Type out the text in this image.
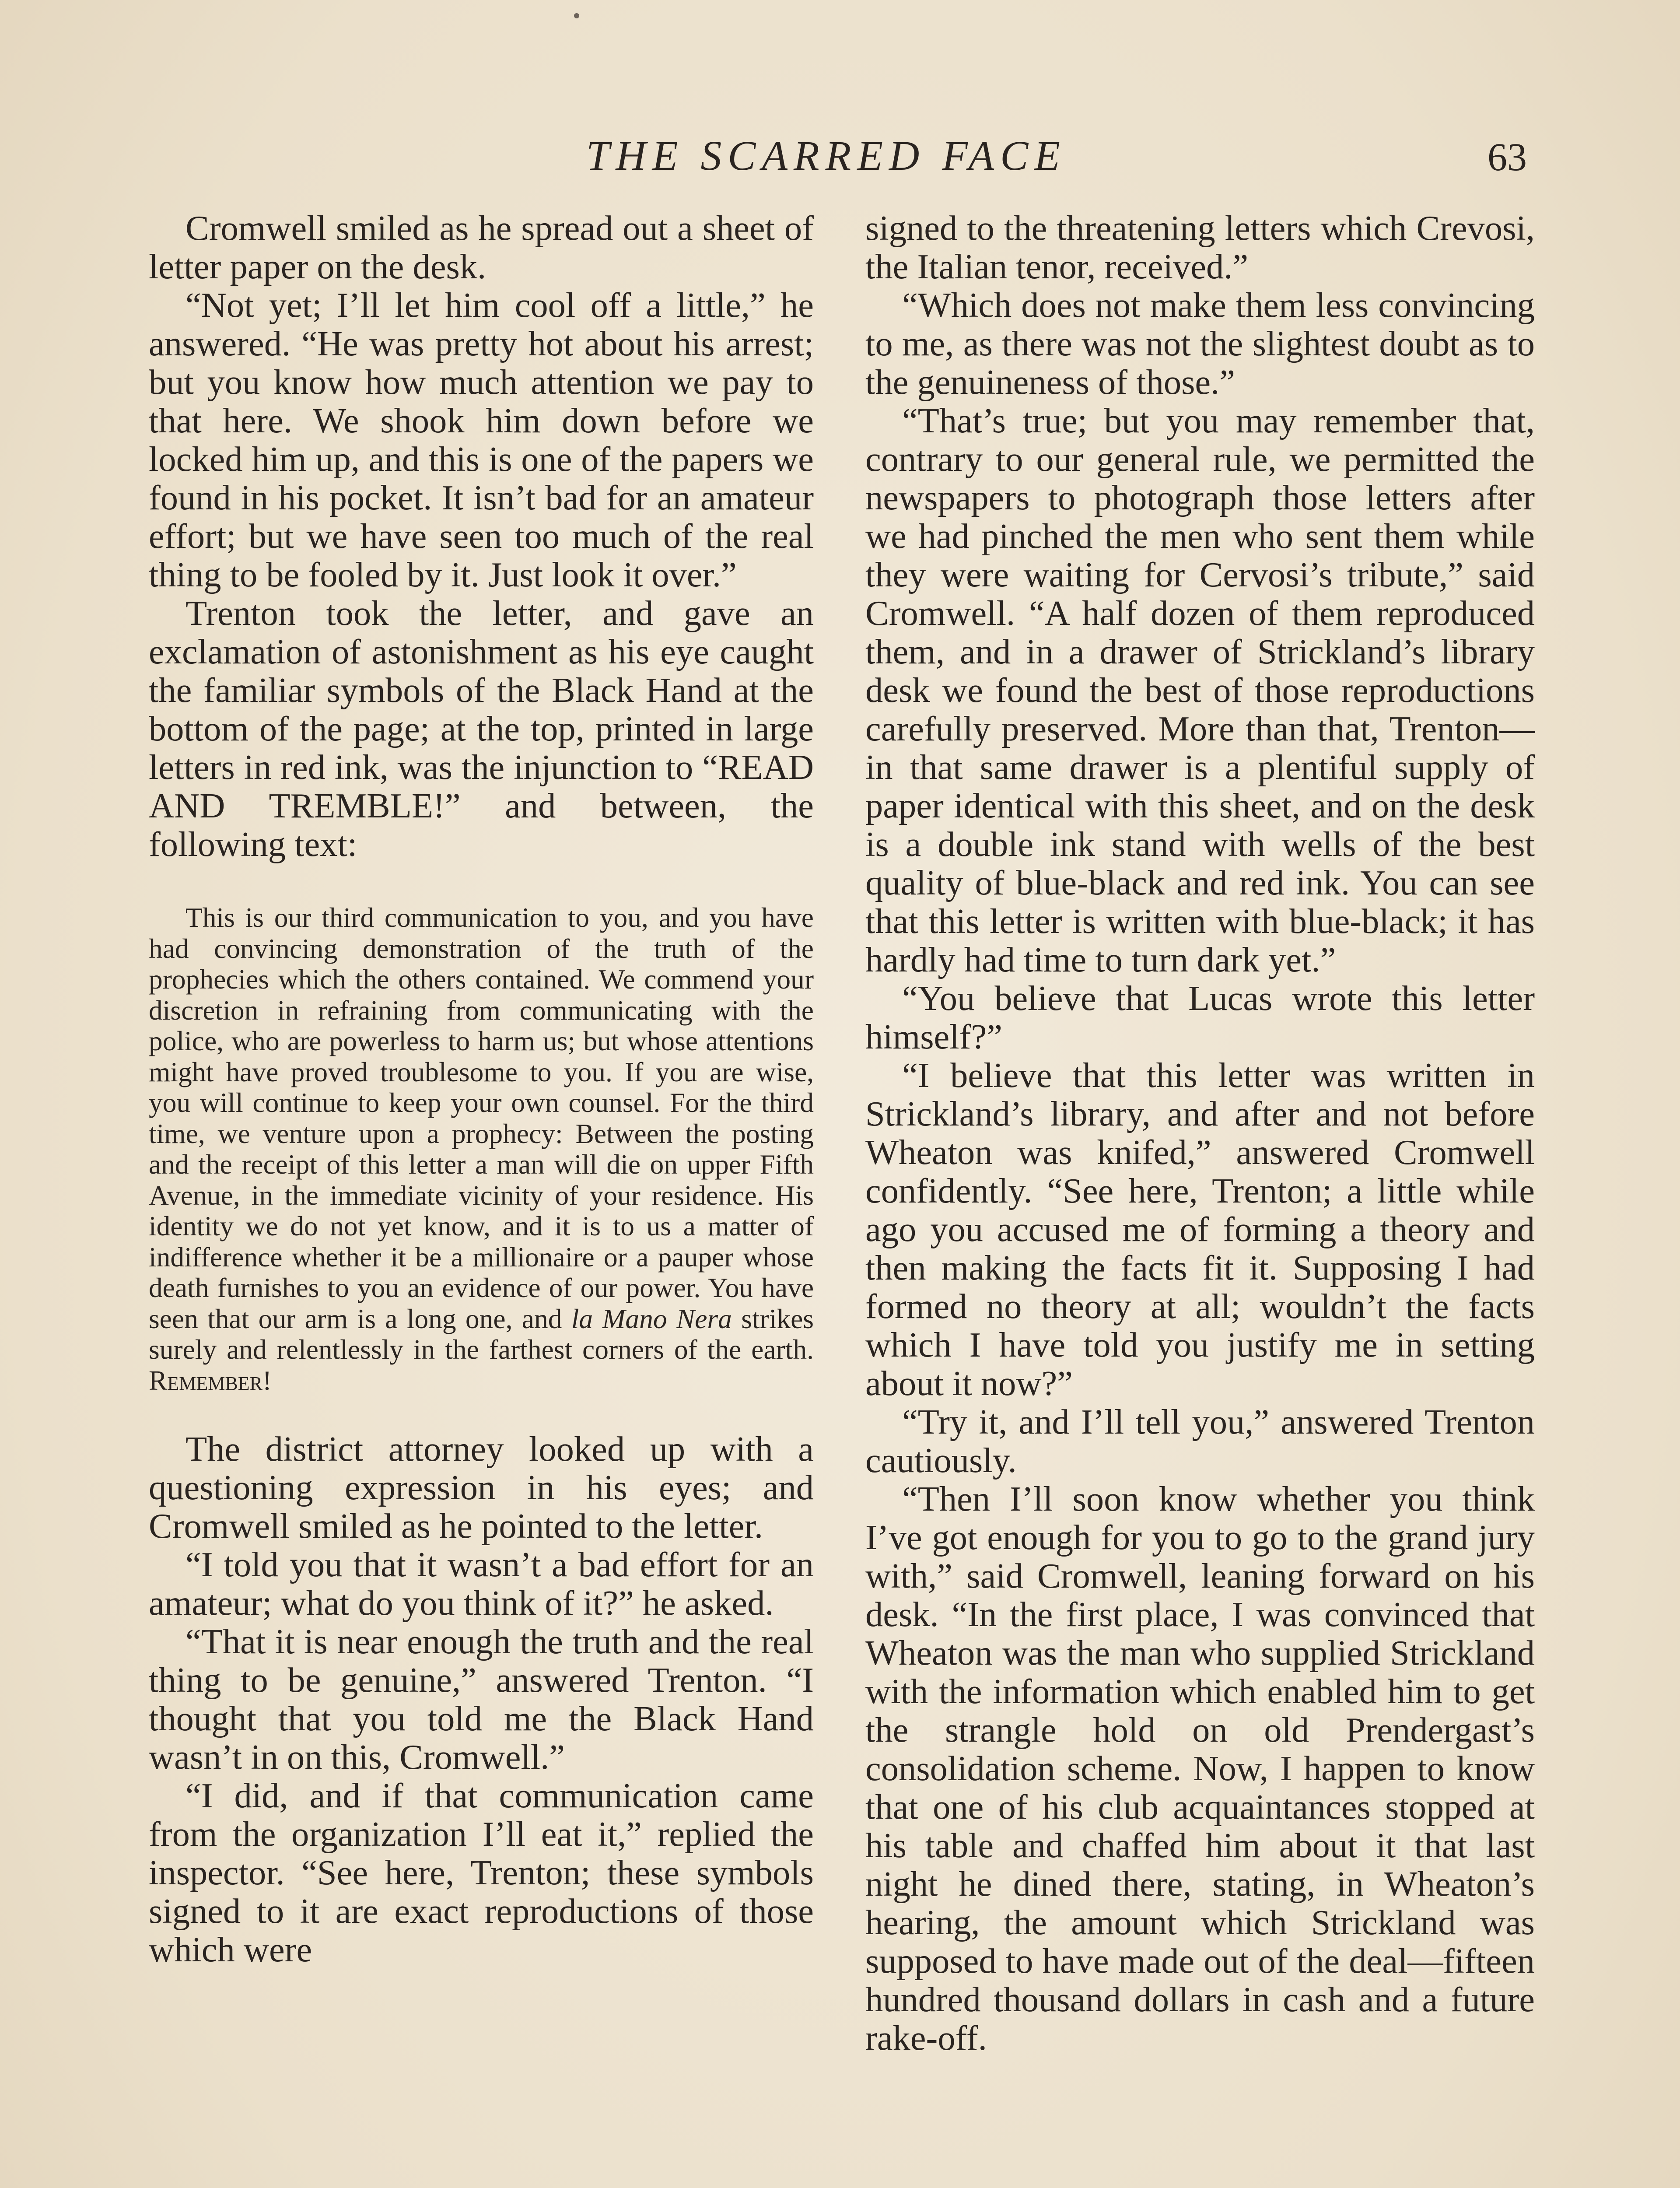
THE SCARRED FACE	63

Cromwell smiled as he spread out a sheet of letter paper on the desk.

“Not yet; I’ll let him cool off a little,” he answered. “He was pretty hot about his arrest; but you know how much attention we pay to that here. We shook him down before we locked him up, and this is one of the papers we found in his pocket. It isn’t bad for an amateur effort; but we have seen too much of the real thing to be fooled by it. Just look it over.”

Trenton took the letter, and gave an exclamation of astonishment as his eye caught the familiar symbols of the Black Hand at the bottom of the page; at the top, printed in large letters in red ink, was the injunction to “READ AND TREMBLE!” and between, the following text:

This is our third communication to you, and you have had convincing demonstration of the truth of the prophecies which the others contained. We commend your discretion in refraining from communicating with the police, who are powerless to harm us; but whose attentions might have proved troublesome to you. If you are wise, you will continue to keep your own counsel. For the third time, we venture upon a prophecy: Between the posting and the receipt of this letter a man will die on upper Fifth Avenue, in the immediate vicinity of your residence. His identity we do not yet know, and it is to us a matter of indifference whether it be a millionaire or a pauper whose death furnishes to you an evidence of our power. You have seen that our arm is a long one, and la Mano Nera strikes surely and relentlessly in the farthest corners of the earth. Remember!

The district attorney looked up with a questioning expression in his eyes; and Cromwell smiled as he pointed to the letter.

“I told you that it wasn’t a bad effort for an amateur; what do you think of it?” he asked.

“That it is near enough the truth and the real thing to be genuine,” answered Trenton. “I thought that you told me the Black Hand wasn’t in on this, Cromwell.”

“I did, and if that communication came from the organization I’ll eat it,” replied the inspector. “See here, Trenton; these symbols signed to it are exact reproductions of those which were

signed to the threatening letters which Crevosi, the Italian tenor, received.”

“Which does not make them less convincing to me, as there was not the slightest doubt as to the genuineness of those.”

“That’s true; but you may remember that, contrary to our general rule, we permitted the newspapers to photograph those letters after we had pinched the men who sent them while they were waiting for Cervosi’s tribute,” said Cromwell. “A half dozen of them reproduced them, and in a drawer of Strickland’s library desk we found the best of those reproductions carefully preserved. More than that, Trenton—in that same drawer is a plentiful supply of paper identical with this sheet, and on the desk is a double ink stand with wells of the best quality of blue-black and red ink. You can see that this letter is written with blue-black; it has hardly had time to turn dark yet.”

“You believe that Lucas wrote this letter himself?”

“I believe that this letter was written in Strickland’s library, and after and not before Wheaton was knifed,” answered Cromwell confidently. “See here, Trenton; a little while ago you accused me of forming a theory and then making the facts fit it. Supposing I had formed no theory at all; wouldn’t the facts which I have told you justify me in setting about it now?”

“Try it, and I’ll tell you,” answered Trenton cautiously.

“Then I’ll soon know whether you think I’ve got enough for you to go to the grand jury with,” said Cromwell, leaning forward on his desk. “In the first place, I was convinced that Wheaton was the man who supplied Strickland with the information which enabled him to get the strangle hold on old Prendergast’s consolidation scheme. Now, I happen to know that one of his club acquaintances stopped at his table and chaffed him about it that last night he dined there, stating, in Wheaton’s hearing, the amount which Strickland was supposed to have made out of the deal—fifteen hundred thousand dollars in cash and a future rake-off.
